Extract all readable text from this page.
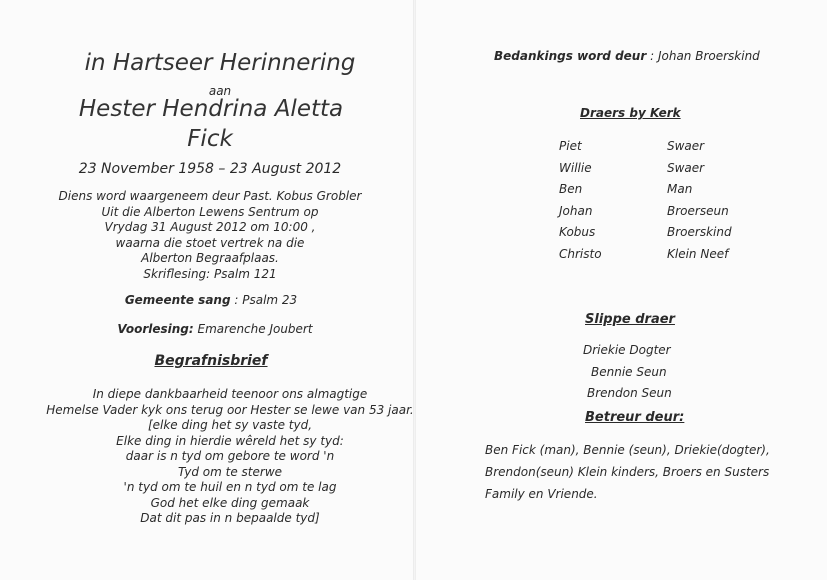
in Hartseer Herinnering
aan
Hester Hendrina Aletta
Fick
23 November 1958 – 23 August 2012
Diens word waargeneem deur Past. Kobus Grobler
Uit die Alberton Lewens Sentrum op
Vrydag 31 August 2012 om 10:00 ,
waarna die stoet vertrek na die
Alberton Begraafplaas.
Skriflesing: Psalm 121
Gemeente sang : Psalm 23
Voorlesing: Emarenche Joubert
Begrafnisbrief
In diepe dankbaarheid teenoor ons almagtige
Hemelse Vader kyk ons terug oor Hester se lewe van 53 jaar.
[elke ding het sy vaste tyd,
Elke ding in hierdie wêreld het sy tyd:
daar is n tyd om gebore te word 'n
Tyd om te sterwe
'n tyd om te huil en n tyd om te lag
God het elke ding gemaak
Dat dit pas in n bepaalde tyd]
Bedankings word deur : Johan Broerskind
Draers by Kerk
Piet
Willie
Ben
Johan
Kobus
Christo
Swaer
Swaer
Man
Broerseun
Broerskind
Klein Neef
Slippe draer
Driekie Dogter
Bennie Seun
Brendon Seun
Betreur deur:
Ben Fick (man), Bennie (seun), Driekie(dogter),
Brendon(seun) Klein kinders, Broers en Susters
Family en Vriende.
